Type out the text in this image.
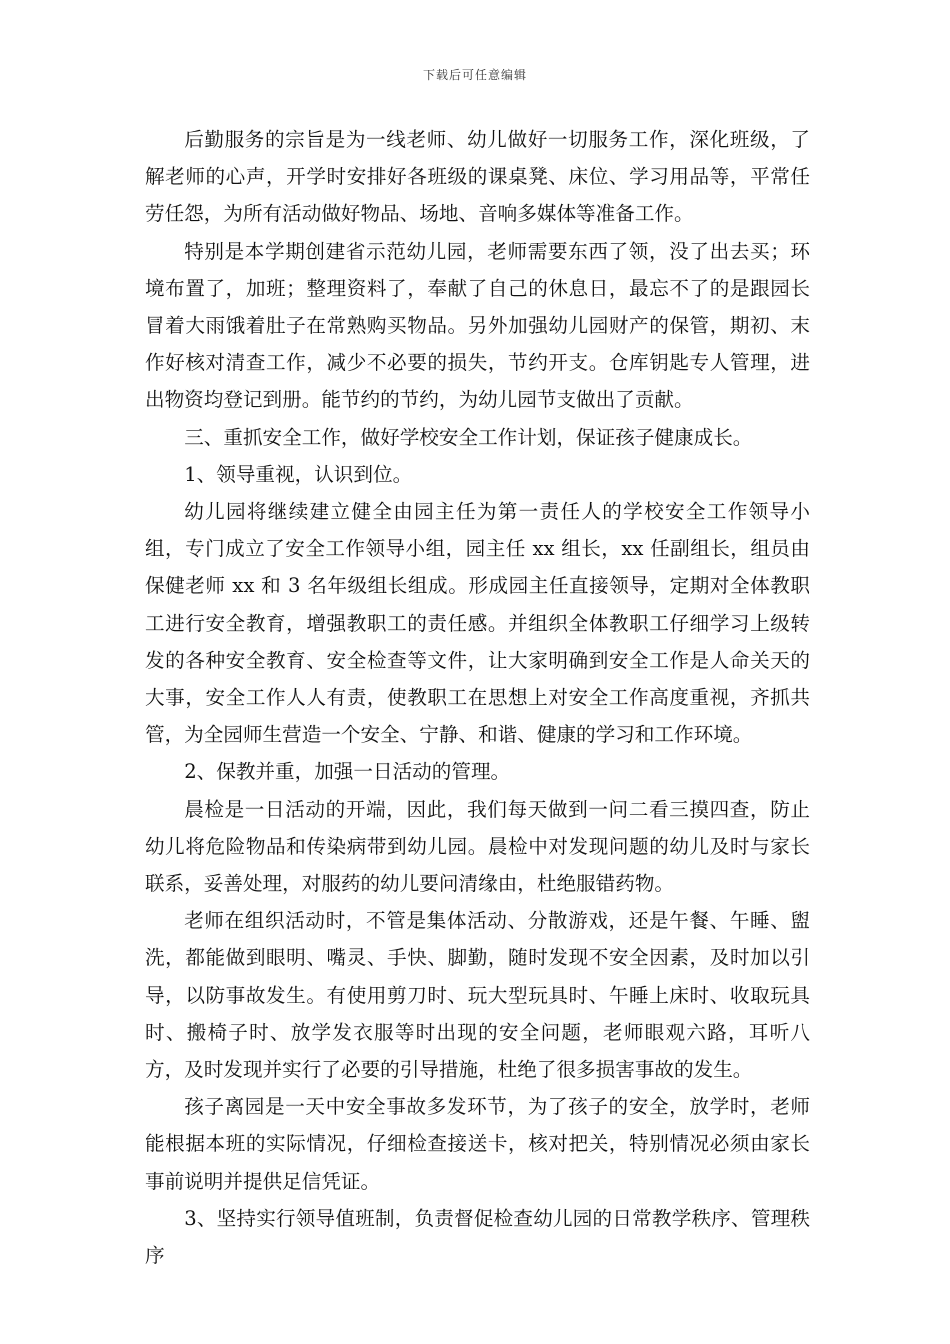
下载后可任意编辑

后勤服务的宗旨是为一线老师、幼儿做好一切服务工作，深化班级，了解老师的心声，开学时安排好各班级的课桌凳、床位、学习用品等，平常任劳任怨，为所有活动做好物品、场地、音响多媒体等准备工作。

特别是本学期创建省示范幼儿园，老师需要东西了领，没了出去买；环境布置了，加班；整理资料了，奉献了自己的休息日，最忘不了的是跟园长冒着大雨饿着肚子在常熟购买物品。另外加强幼儿园财产的保管，期初、末作好核对清查工作，减少不必要的损失，节约开支。仓库钥匙专人管理，进出物资均登记到册。能节约的节约，为幼儿园节支做出了贡献。

三、重抓安全工作，做好学校安全工作计划，保证孩子健康成长。

1、领导重视，认识到位。

幼儿园将继续建立健全由园主任为第一责任人的学校安全工作领导小组，专门成立了安全工作领导小组，园主任 xx 组长，xx 任副组长，组员由保健老师 xx 和 3 名年级组长组成。形成园主任直接领导，定期对全体教职工进行安全教育，增强教职工的责任感。并组织全体教职工仔细学习上级转发的各种安全教育、安全检查等文件，让大家明确到安全工作是人命关天的大事，安全工作人人有责，使教职工在思想上对安全工作高度重视，齐抓共管，为全园师生营造一个安全、宁静、和谐、健康的学习和工作环境。

2、保教并重，加强一日活动的管理。

晨检是一日活动的开端，因此，我们每天做到一问二看三摸四查，防止幼儿将危险物品和传染病带到幼儿园。晨检中对发现问题的幼儿及时与家长联系，妥善处理，对服药的幼儿要问清缘由，杜绝服错药物。

老师在组织活动时，不管是集体活动、分散游戏，还是午餐、午睡、盥洗，都能做到眼明、嘴灵、手快、脚勤，随时发现不安全因素，及时加以引导，以防事故发生。有使用剪刀时、玩大型玩具时、午睡上床时、收取玩具时、搬椅子时、放学发衣服等时出现的安全问题，老师眼观六路，耳听八方，及时发现并实行了必要的引导措施，杜绝了很多损害事故的发生。

孩子离园是一天中安全事故多发环节，为了孩子的安全，放学时，老师能根据本班的实际情况，仔细检查接送卡，核对把关，特别情况必须由家长事前说明并提供足信凭证。

3、坚持实行领导值班制，负责督促检查幼儿园的日常教学秩序、管理秩序
